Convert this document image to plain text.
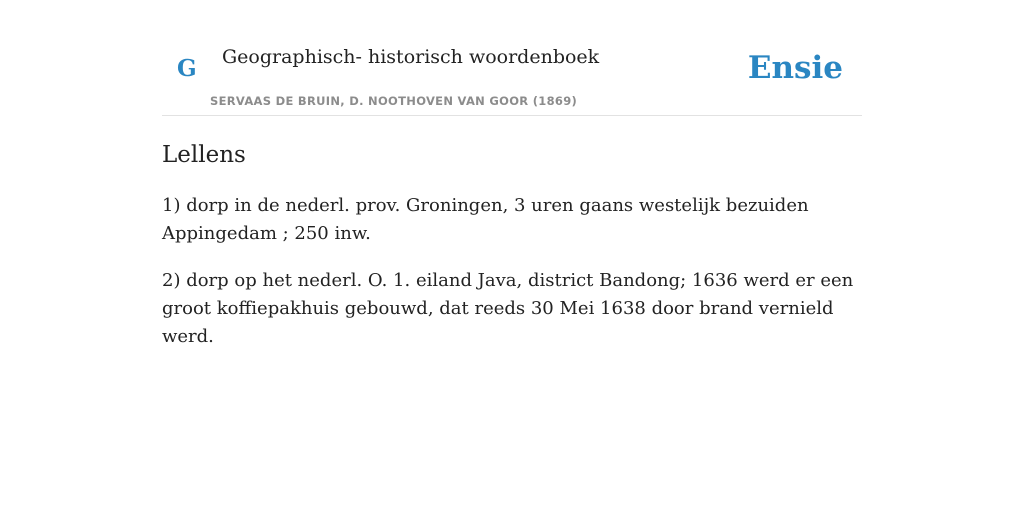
G Geographisch- historisch woordenboek
SERVAAS DE BRUIN, D. NOOTHOVEN VAN GOOR (1869)
Ensie
Lellens

1) dorp in de nederl. prov. Groningen, 3 uren gaans westelijk bezuiden Appingedam ; 250 inw.

2) dorp op het nederl. O. 1. eiland Java, district Bandong; 1636 werd er een groot koffiepakhuis gebouwd, dat reeds 30 Mei 1638 door brand vernield werd.
